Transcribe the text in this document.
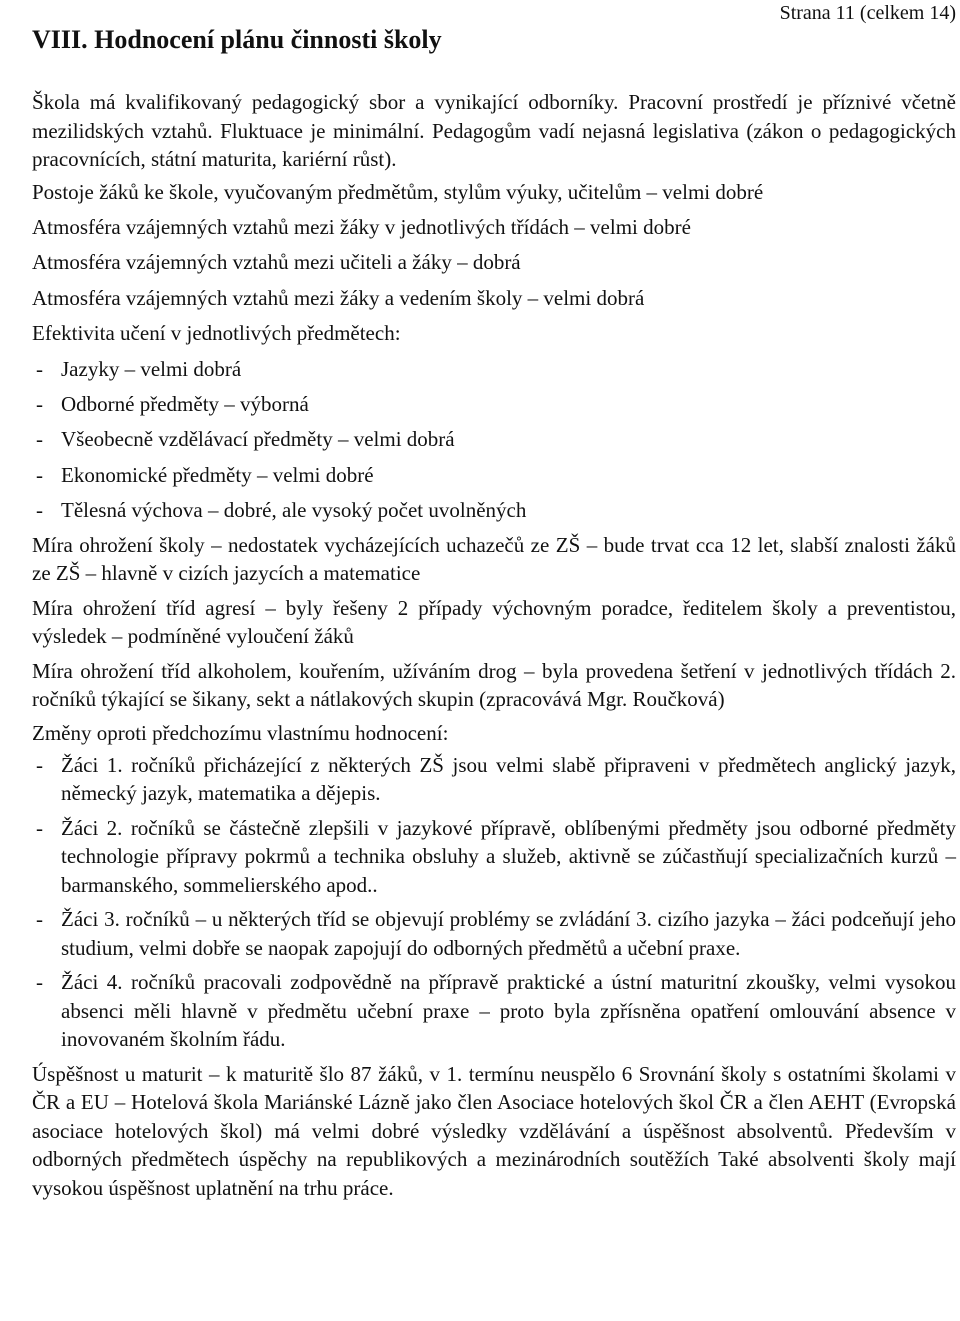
Strana 11 (celkem 14)
VIII. Hodnocení plánu činnosti školy

Škola má kvalifikovaný pedagogický sbor a vynikající odborníky. Pracovní prostředí je příznivé včetně mezilidských vztahů. Fluktuace je minimální. Pedagogům vadí nejasná legislativa (zákon o pedagogických pracovnících, státní maturita, kariérní růst).

Postoje žáků ke škole, vyučovaným předmětům, stylům výuky, učitelům – velmi dobré

Atmosféra vzájemných vztahů mezi žáky v jednotlivých třídách – velmi dobré

Atmosféra vzájemných vztahů mezi učiteli a žáky – dobrá

Atmosféra vzájemných vztahů mezi žáky a vedením školy – velmi dobrá

Efektivita učení v jednotlivých předmětech:

- Jazyky – velmi dobrá
- Odborné předměty – výborná
- Všeobecně vzdělávací předměty – velmi dobrá
- Ekonomické předměty – velmi dobré
- Tělesná výchova – dobré, ale vysoký počet uvolněných

Míra ohrožení školy – nedostatek vycházejících uchazečů ze ZŠ – bude trvat cca 12 let, slabší znalosti žáků ze ZŠ – hlavně v cizích jazycích a matematice

Míra ohrožení tříd agresí – byly řešeny 2 případy výchovným poradce, ředitelem školy a preventistou, výsledek – podmíněné vyloučení žáků

Míra ohrožení tříd alkoholem, kouřením, užíváním drog – byla provedena šetření v jednotlivých třídách 2. ročníků týkající se šikany, sekt a nátlakových skupin (zpracovává Mgr. Roučková)

Změny oproti předchozímu vlastnímu hodnocení:

- Žáci 1. ročníků přicházející z některých ZŠ jsou velmi slabě připraveni v předmětech anglický jazyk, německý jazyk, matematika a dějepis.
- Žáci 2. ročníků se částečně zlepšili v jazykové přípravě, oblíbenými předměty jsou odborné předměty technologie přípravy pokrmů a technika obsluhy a služeb, aktivně se zúčastňují specializačních kurzů – barmanského, sommelierského apod..
- Žáci 3. ročníků – u některých tříd se objevují problémy se zvládání 3. cizího jazyka – žáci podceňují jeho studium, velmi dobře se naopak zapojují do odborných předmětů a učební praxe.
- Žáci 4. ročníků pracovali zodpovědně na přípravě praktické a ústní maturitní zkoušky, velmi vysokou absenci měli hlavně v předmětu učební praxe – proto byla zpřísněna opatření omlouvání absence v inovovaném školním řádu.

Úspěšnost u maturit – k maturitě šlo 87 žáků, v 1. termínu neuspělo 6 Srovnání školy s ostatními školami v ČR a EU – Hotelová škola Mariánské Lázně jako člen Asociace hotelových škol ČR a člen AEHT (Evropská asociace hotelových škol) má velmi dobré výsledky vzdělávání a úspěšnost absolventů. Především v odborných předmětech úspěchy na republikových a mezinárodních soutěžích Také absolventi školy mají vysokou úspěšnost uplatnění na trhu práce.
